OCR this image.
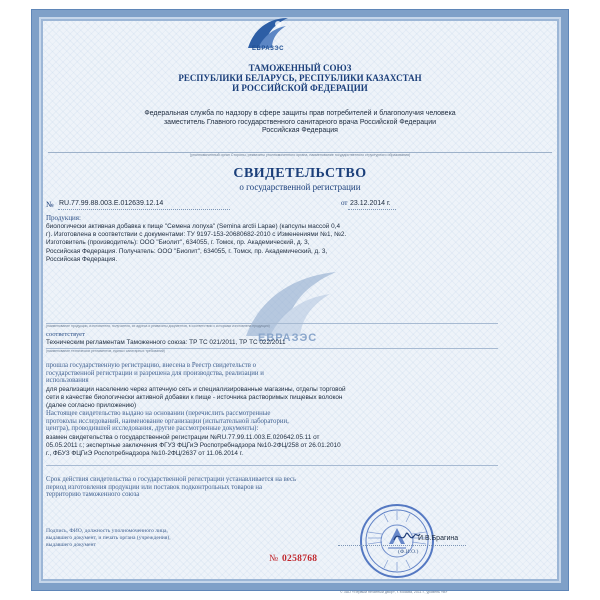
ЕВРАЗЭС
ТАМОЖЕННЫЙ СОЮЗ
РЕСПУБЛИКИ БЕЛАРУСЬ, РЕСПУБЛИКИ КАЗАХСТАН
И РОССИЙСКОЙ ФЕДЕРАЦИИ
Федеральная служба по надзору в сфере защиты прав потребителей и благополучия человека
заместитель Главного государственного санитарного врача Российской Федерации
Российская Федерация
(уполномоченный орган Стороны, реквизиты уполномоченного органа, наименование государственного структурного образования)
СВИДЕТЕЛЬСТВО
о государственной регистрации
№ RU.77.99.88.003.E.012639.12.14	от 23.12.2014 г.
Продукция:
биологически активная добавка к пище "Семена лопуха" (Semina arctii Lapae) (капсулы массой 0,4
г). Изготовлена в соответствии с документами: ТУ 9197-153-20680682-2010 с Изменениями №1, №2.
Изготовитель (производитель): ООО "Биолит", 634055, г. Томск, пр. Академический, д. 3,
Российская Федерация. Получатель: ООО "Биолит", 634055, г. Томск, пр. Академический, д. 3,
Российская Федерация.
ЕВРАЗЭС
(наименование продукции, изготовителя, получателя, их адреса и реквизиты документов, в соответствии с которыми изготовлена продукция)
соответствует
Техническим регламентам Таможенного союза: ТР ТС 021/2011, ТР ТС 022/2011
(наименование технических регламентов, единых санитарных требований)
прошла государственную регистрацию, внесена в Реестр свидетельств о
государственной регистрации и разрешена для производства, реализации и
использования
для реализации населению через аптечную сеть и специализированные магазины, отделы торговой
сети в качестве биологически активной добавки к пище - источника растворимых пищевых волокон
(далее согласно приложению)
Настоящее свидетельство выдано на основании (перечислить рассмотренные
протоколы исследований, наименование организации (испытательной лаборатории,
центра), проводившей исследования, другие рассмотренные документы):
взамен свидетельства о государственной регистрации №RU.77.99.11.003.E.020642.05.11 от
05.05.2011 г.; экспертные заключения ФГУЗ ФЦГиЭ Роспотребнадзора №10-2ФЦ/258 от 26.01.2010
г., ФБУЗ ФЦГиЭ Роспотребнадзора №10-2ФЦ/2637 от 11.06.2014 г.
Срок действия свидетельства о государственной регистрации устанавливается на весь
период изготовления продукции или поставок подконтрольных товаров на
территорию таможенного союза
Подпись, ФИО, должность уполномоченного лица,
выдавшего документ, и печать органа (учреждения),
выдавшего документ
И.В.Брагина
(Ф.И.О.)
№ 0258768
© ЗАО «Первый печатный двор», г. Москва, 2011 г., уровень «В»
